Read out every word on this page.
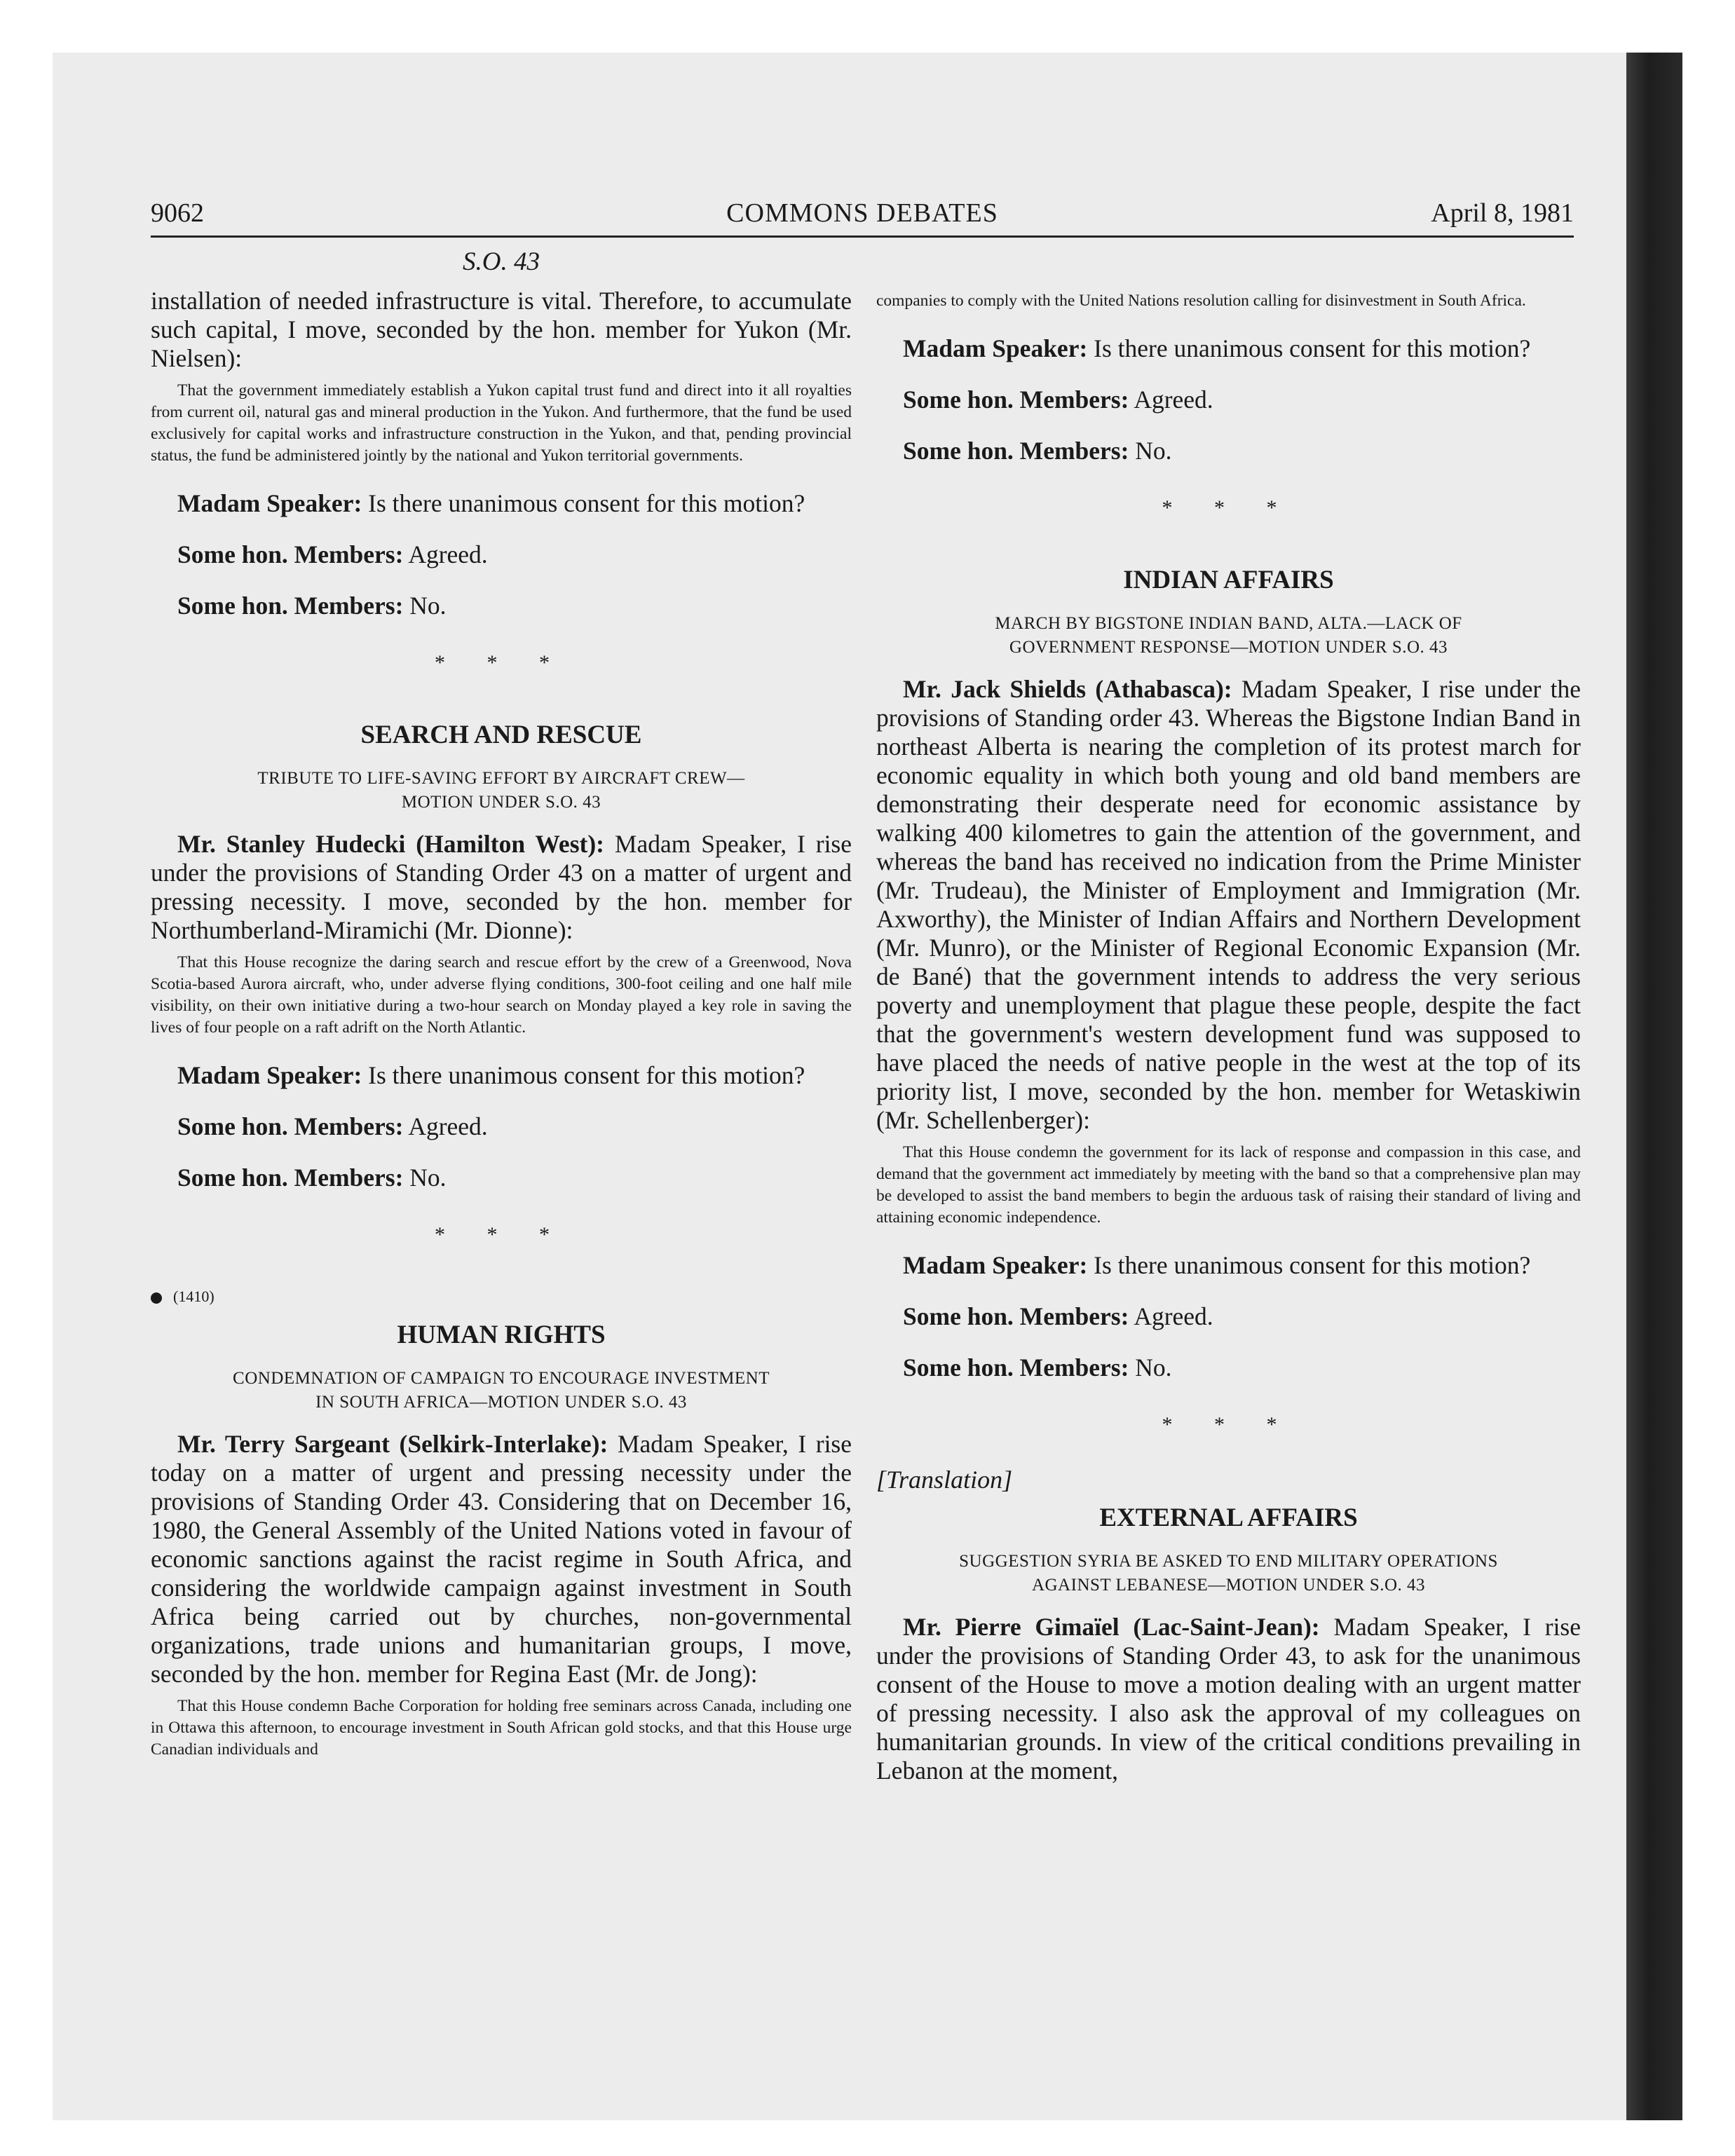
9062	COMMONS DEBATES	April 8, 1981
S.O. 43

installation of needed infrastructure is vital. Therefore, to accumulate such capital, I move, seconded by the hon. member for Yukon (Mr. Nielsen):

That the government immediately establish a Yukon capital trust fund and direct into it all royalties from current oil, natural gas and mineral production in the Yukon. And furthermore, that the fund be used exclusively for capital works and infrastructure construction in the Yukon, and that, pending provincial status, the fund be administered jointly by the national and Yukon territorial governments.

Madam Speaker: Is there unanimous consent for this motion?

Some hon. Members: Agreed.

Some hon. Members: No.

* * *
SEARCH AND RESCUE
TRIBUTE TO LIFE-SAVING EFFORT BY AIRCRAFT CREW—
MOTION UNDER S.O. 43

Mr. Stanley Hudecki (Hamilton West): Madam Speaker, I rise under the provisions of Standing Order 43 on a matter of urgent and pressing necessity. I move, seconded by the hon. member for Northumberland-Miramichi (Mr. Dionne):

That this House recognize the daring search and rescue effort by the crew of a Greenwood, Nova Scotia-based Aurora aircraft, who, under adverse flying conditions, 300-foot ceiling and one half mile visibility, on their own initiative during a two-hour search on Monday played a key role in saving the lives of four people on a raft adrift on the North Atlantic.

Madam Speaker: Is there unanimous consent for this motion?

Some hon. Members: Agreed.

Some hon. Members: No.

* * *
(1410)
HUMAN RIGHTS
CONDEMNATION OF CAMPAIGN TO ENCOURAGE INVESTMENT
IN SOUTH AFRICA—MOTION UNDER S.O. 43

Mr. Terry Sargeant (Selkirk-Interlake): Madam Speaker, I rise today on a matter of urgent and pressing necessity under the provisions of Standing Order 43. Considering that on December 16, 1980, the General Assembly of the United Nations voted in favour of economic sanctions against the racist regime in South Africa, and considering the worldwide campaign against investment in South Africa being carried out by churches, non-governmental organizations, trade unions and humanitarian groups, I move, seconded by the hon. member for Regina East (Mr. de Jong):

That this House condemn Bache Corporation for holding free seminars across Canada, including one in Ottawa this afternoon, to encourage investment in South African gold stocks, and that this House urge Canadian individuals and

companies to comply with the United Nations resolution calling for disinvestment in South Africa.

Madam Speaker: Is there unanimous consent for this motion?

Some hon. Members: Agreed.

Some hon. Members: No.

* * *
INDIAN AFFAIRS
MARCH BY BIGSTONE INDIAN BAND, ALTA.—LACK OF
GOVERNMENT RESPONSE—MOTION UNDER S.O. 43

Mr. Jack Shields (Athabasca): Madam Speaker, I rise under the provisions of Standing order 43. Whereas the Bigstone Indian Band in northeast Alberta is nearing the completion of its protest march for economic equality in which both young and old band members are demonstrating their desperate need for economic assistance by walking 400 kilometres to gain the attention of the government, and whereas the band has received no indication from the Prime Minister (Mr. Trudeau), the Minister of Employment and Immigration (Mr. Axworthy), the Minister of Indian Affairs and Northern Development (Mr. Munro), or the Minister of Regional Economic Expansion (Mr. de Bané) that the government intends to address the very serious poverty and unemployment that plague these people, despite the fact that the government's western development fund was supposed to have placed the needs of native people in the west at the top of its priority list, I move, seconded by the hon. member for Wetaskiwin (Mr. Schellenberger):

That this House condemn the government for its lack of response and compassion in this case, and demand that the government act immediately by meeting with the band so that a comprehensive plan may be developed to assist the band members to begin the arduous task of raising their standard of living and attaining economic independence.

Madam Speaker: Is there unanimous consent for this motion?

Some hon. Members: Agreed.

Some hon. Members: No.

* * *
[Translation]
EXTERNAL AFFAIRS
SUGGESTION SYRIA BE ASKED TO END MILITARY OPERATIONS
AGAINST LEBANESE—MOTION UNDER S.O. 43

Mr. Pierre Gimaïel (Lac-Saint-Jean): Madam Speaker, I rise under the provisions of Standing Order 43, to ask for the unanimous consent of the House to move a motion dealing with an urgent matter of pressing necessity. I also ask the approval of my colleagues on humanitarian grounds. In view of the critical conditions prevailing in Lebanon at the moment,
